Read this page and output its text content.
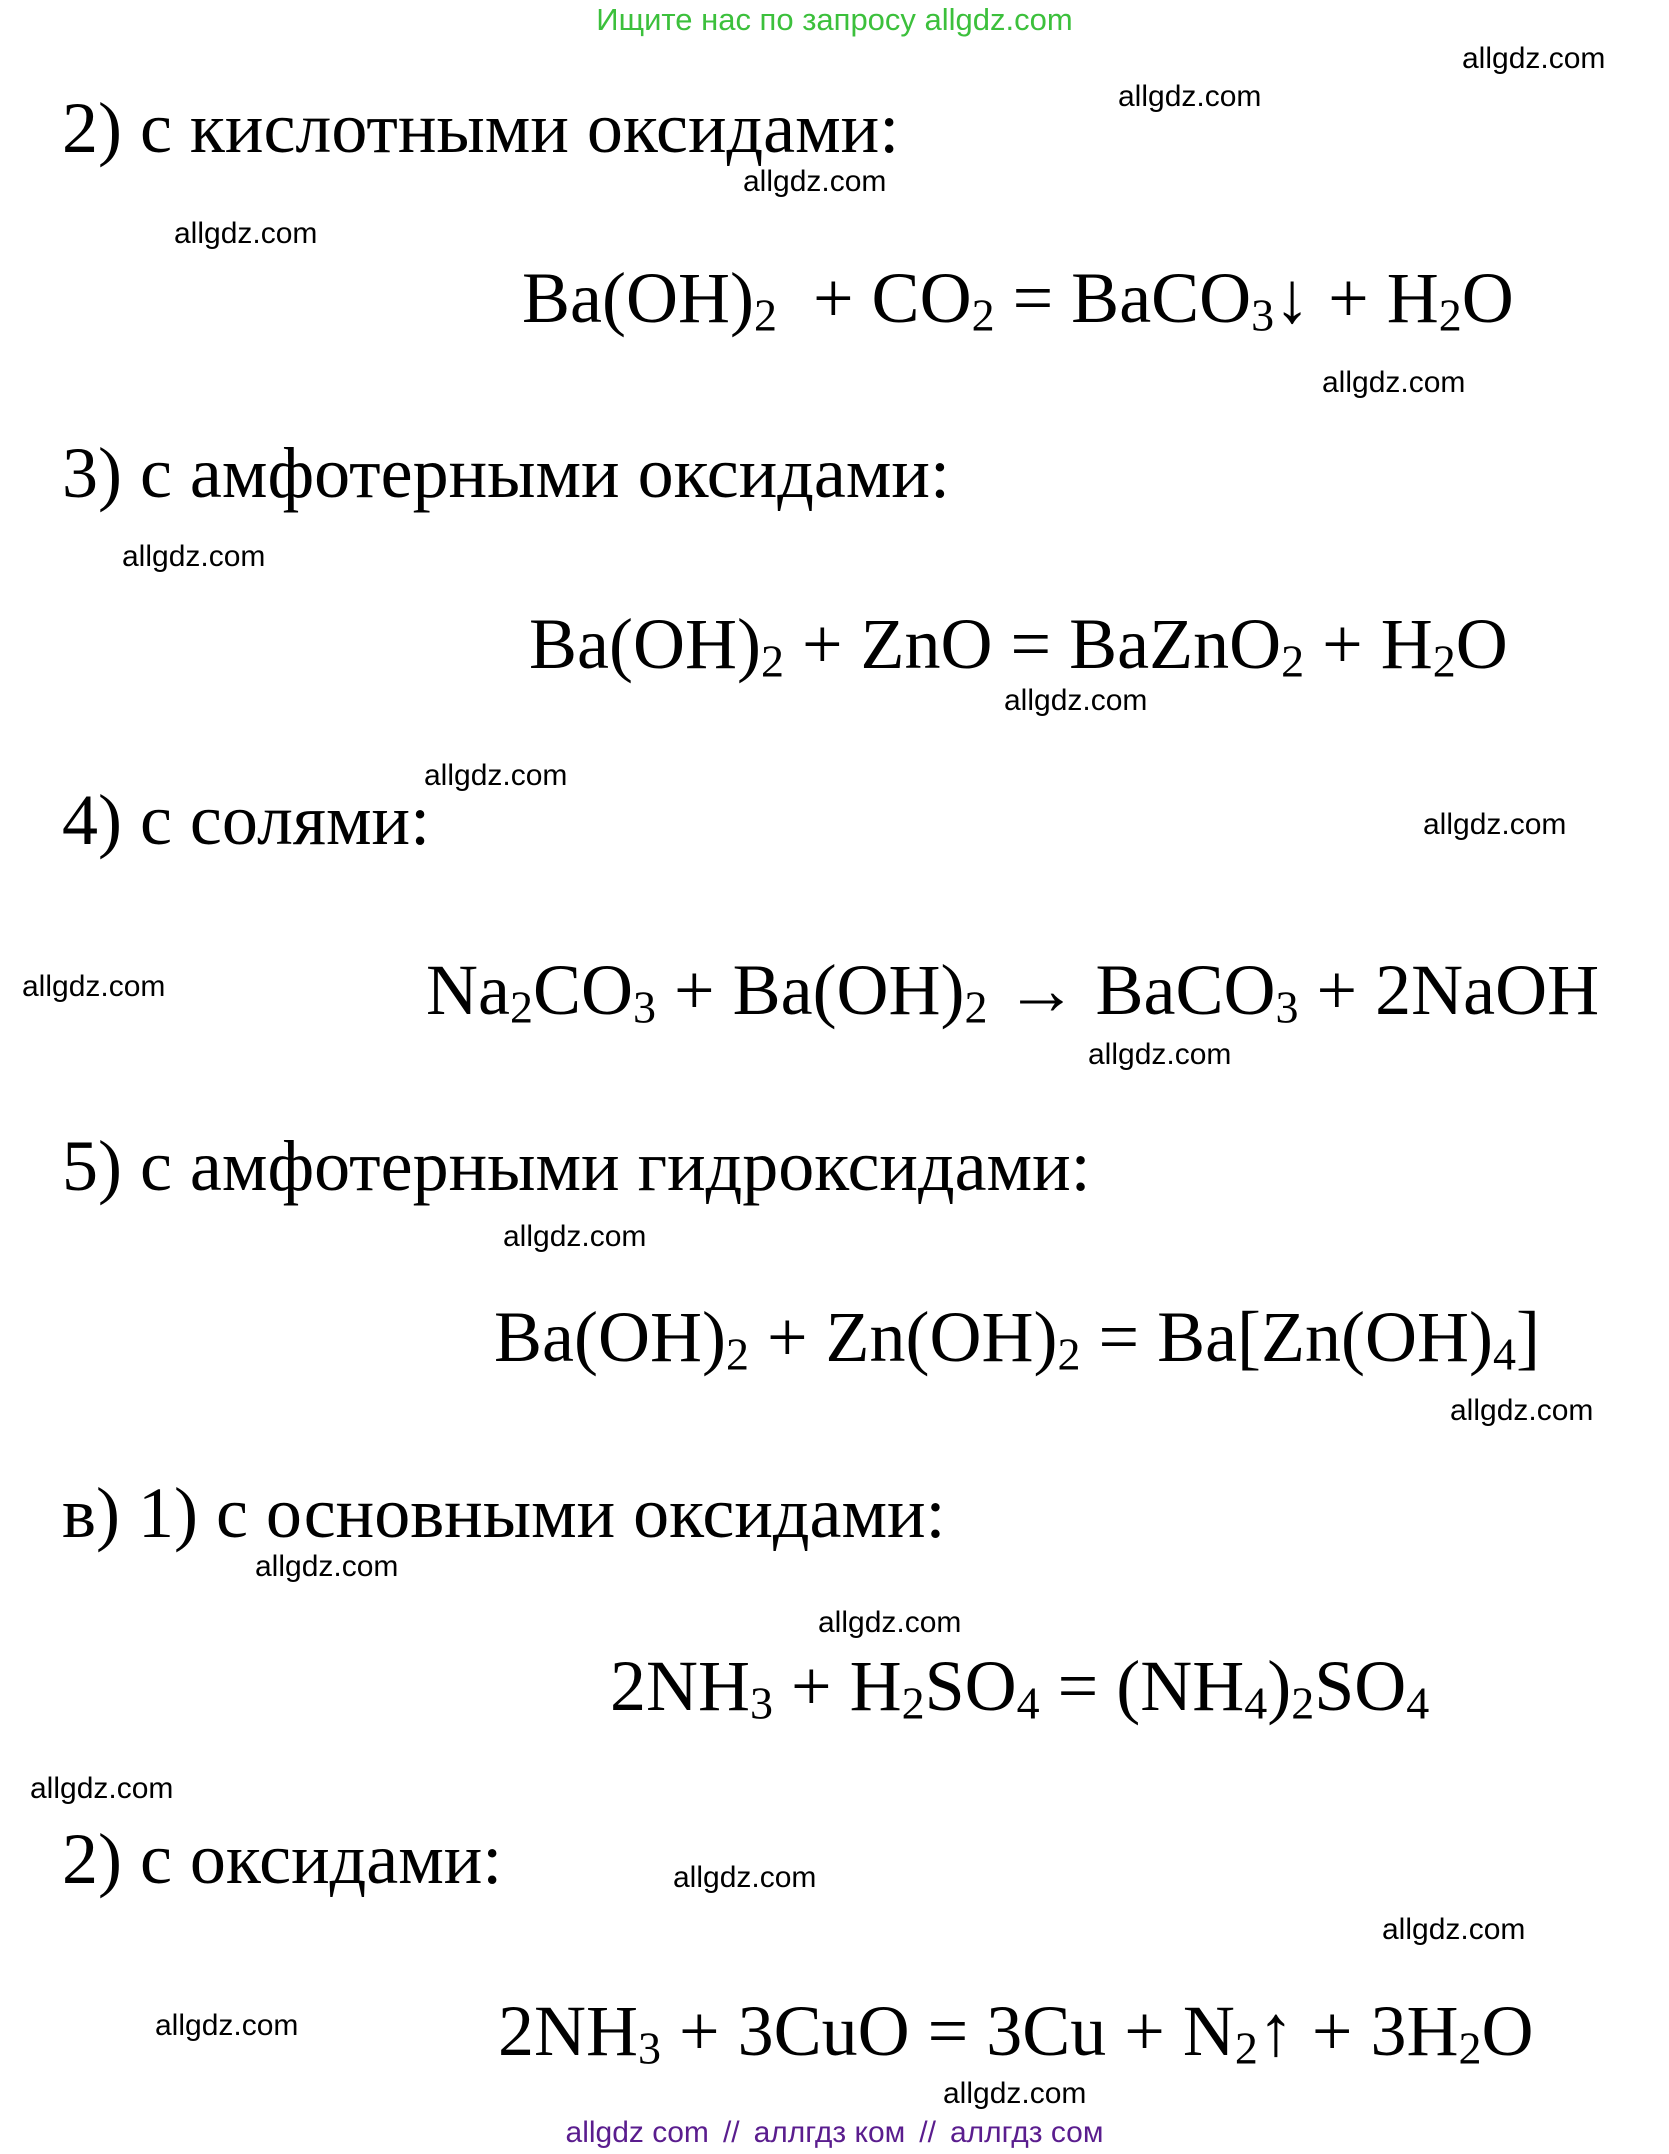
Ищите нас по запросу allgdz.com
allgdz.com
allgdz.com
allgdz.com
allgdz.com
allgdz.com
allgdz.com
allgdz.com
allgdz.com
allgdz.com
allgdz.com
allgdz.com
allgdz.com
allgdz.com
allgdz.com
allgdz.com
allgdz.com
allgdz.com
allgdz.com
allgdz.com
allgdz.com
2) с кислотными оксидами:
$Ba(OH)_2 + CO_2$ = BaCO$_3$↓ + $H_2O$
3) с амфотерными оксидами:
$Ba(OH)_2$ + ZnO = BaZnO$_2$ + $H_2O$
4) с солями:
$Na_2CO_3 + Ba(OH)_2$ → BaCO$_3$ + 2NaOH
5) с амфотерными гидроксидами:
$Ba(OH)_2 + Zn(OH)_2 = Ba[Zn(OH)_4]$
в) 1) с основными оксидами:
$2NH_3 + H_2SO_4 = (NH_4)_2SO_4$
2) с оксидами:
$2NH_3 + 3CuO = 3Cu$ + $N_2↑ + 3H_2O$
allgdz com // аллгдз ком // аллгдз сом
